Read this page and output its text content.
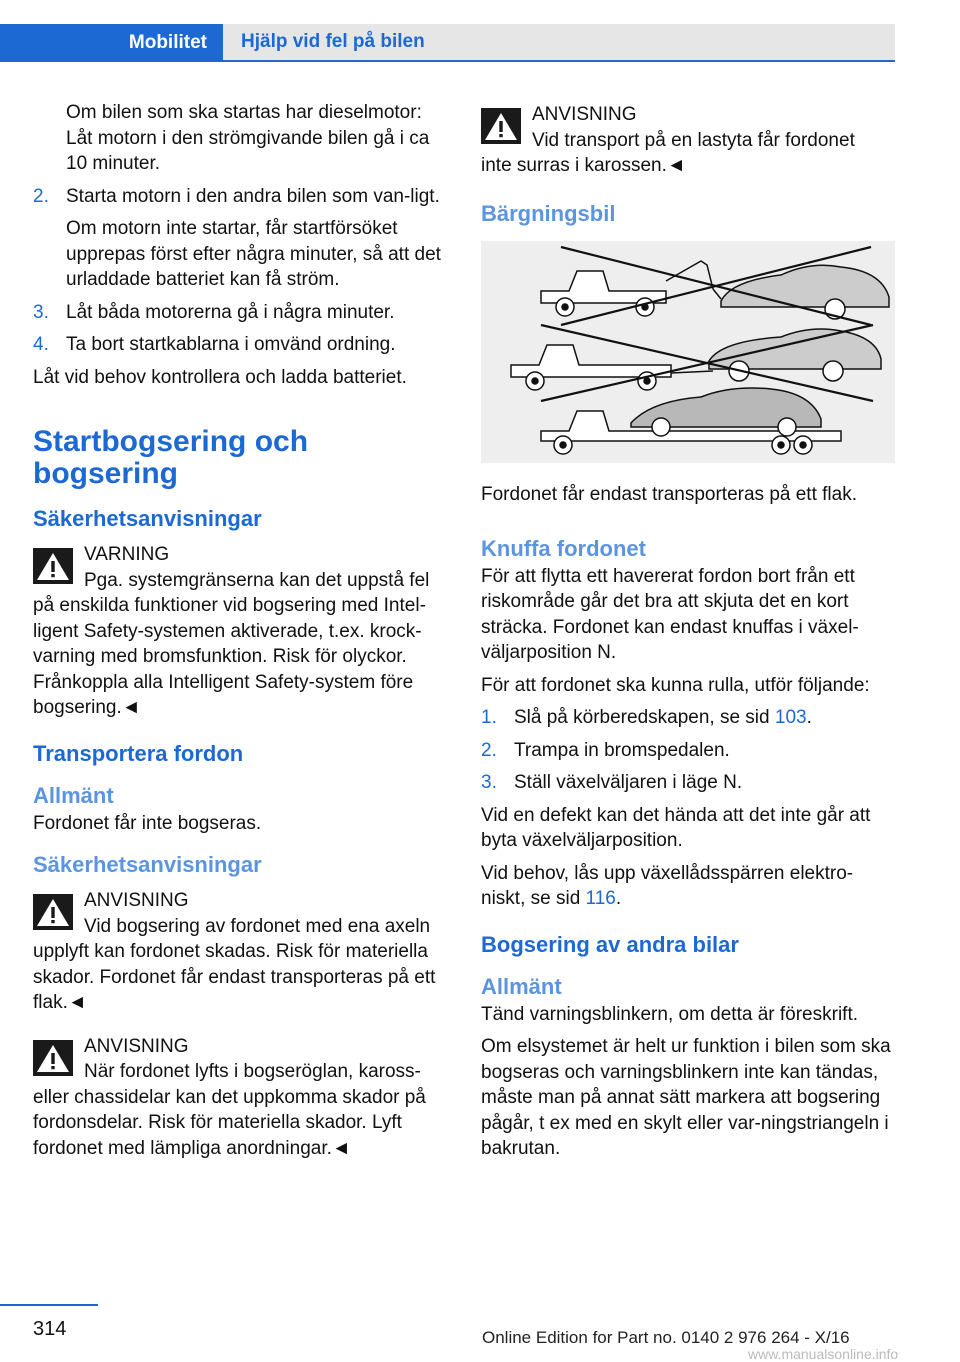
Mobilitet	Hjälp vid fel på bilen

Om bilen som ska startas har dieselmotor: Låt motorn i den strömgivande bilen gå i ca 10 minuter.

2. Starta motorn i den andra bilen som van‐ligt.

Om motorn inte startar, får startförsöket upprepas först efter några minuter, så att det urladdade batteriet kan få ström.

3. Låt båda motorerna gå i några minuter.
4. Ta bort startkablarna i omvänd ordning.

Låt vid behov kontrollera och ladda batteriet.

Startbogsering och bogsering
Säkerhetsanvisningar
VARNING
Pga. systemgränserna kan det uppstå fel
på enskilda funktioner vid bogsering med Intel‐ligent Safety-systemen aktiverade, t.ex. krock‐varning med bromsfunktion. Risk för olyckor. Frånkoppla alla Intelligent Safety-system före bogsering.◄
Transportera fordon
Allmänt

Fordonet får inte bogseras.

Säkerhetsanvisningar
ANVISNING
Vid bogsering av fordonet med ena axeln
upplyft kan fordonet skadas. Risk för materiella skador. Fordonet får endast transporteras på ett flak.◄
ANVISNING
När fordonet lyfts i bogseröglan, kaross‐
eller chassidelar kan det uppkomma skador på fordonsdelar. Risk för materiella skador. Lyft fordonet med lämpliga anordningar.◄
ANVISNING
Vid transport på en lastyta får fordonet
inte surras i karossen.◄
Bärgningsbil

Fordonet får endast transporteras på ett flak.

Knuffa fordonet

För att flytta ett havererat fordon bort från ett riskområde går det bra att skjuta det en kort sträcka. Fordonet kan endast knuffas i växel‐väljarposition N.

För att fordonet ska kunna rulla, utför följande:

1. Slå på körberedskapen, se sid 103.
2. Trampa in bromspedalen.
3. Ställ växelväljaren i läge N.

Vid en defekt kan det hända att det inte går att byta växelväljarposition.

Vid behov, lås upp växellådsspärren elektro‐niskt, se sid 116.

Bogsering av andra bilar
Allmänt

Tänd varningsblinkern, om detta är föreskrift.

Om elsystemet är helt ur funktion i bilen som ska bogseras och varningsblinkern inte kan tändas, måste man på annat sätt markera att bogsering pågår, t ex med en skylt eller var‐ningstriangeln i bakrutan.

314	Online Edition for Part no. 0140 2 976 264 - X/16
www.manualsonline.info
